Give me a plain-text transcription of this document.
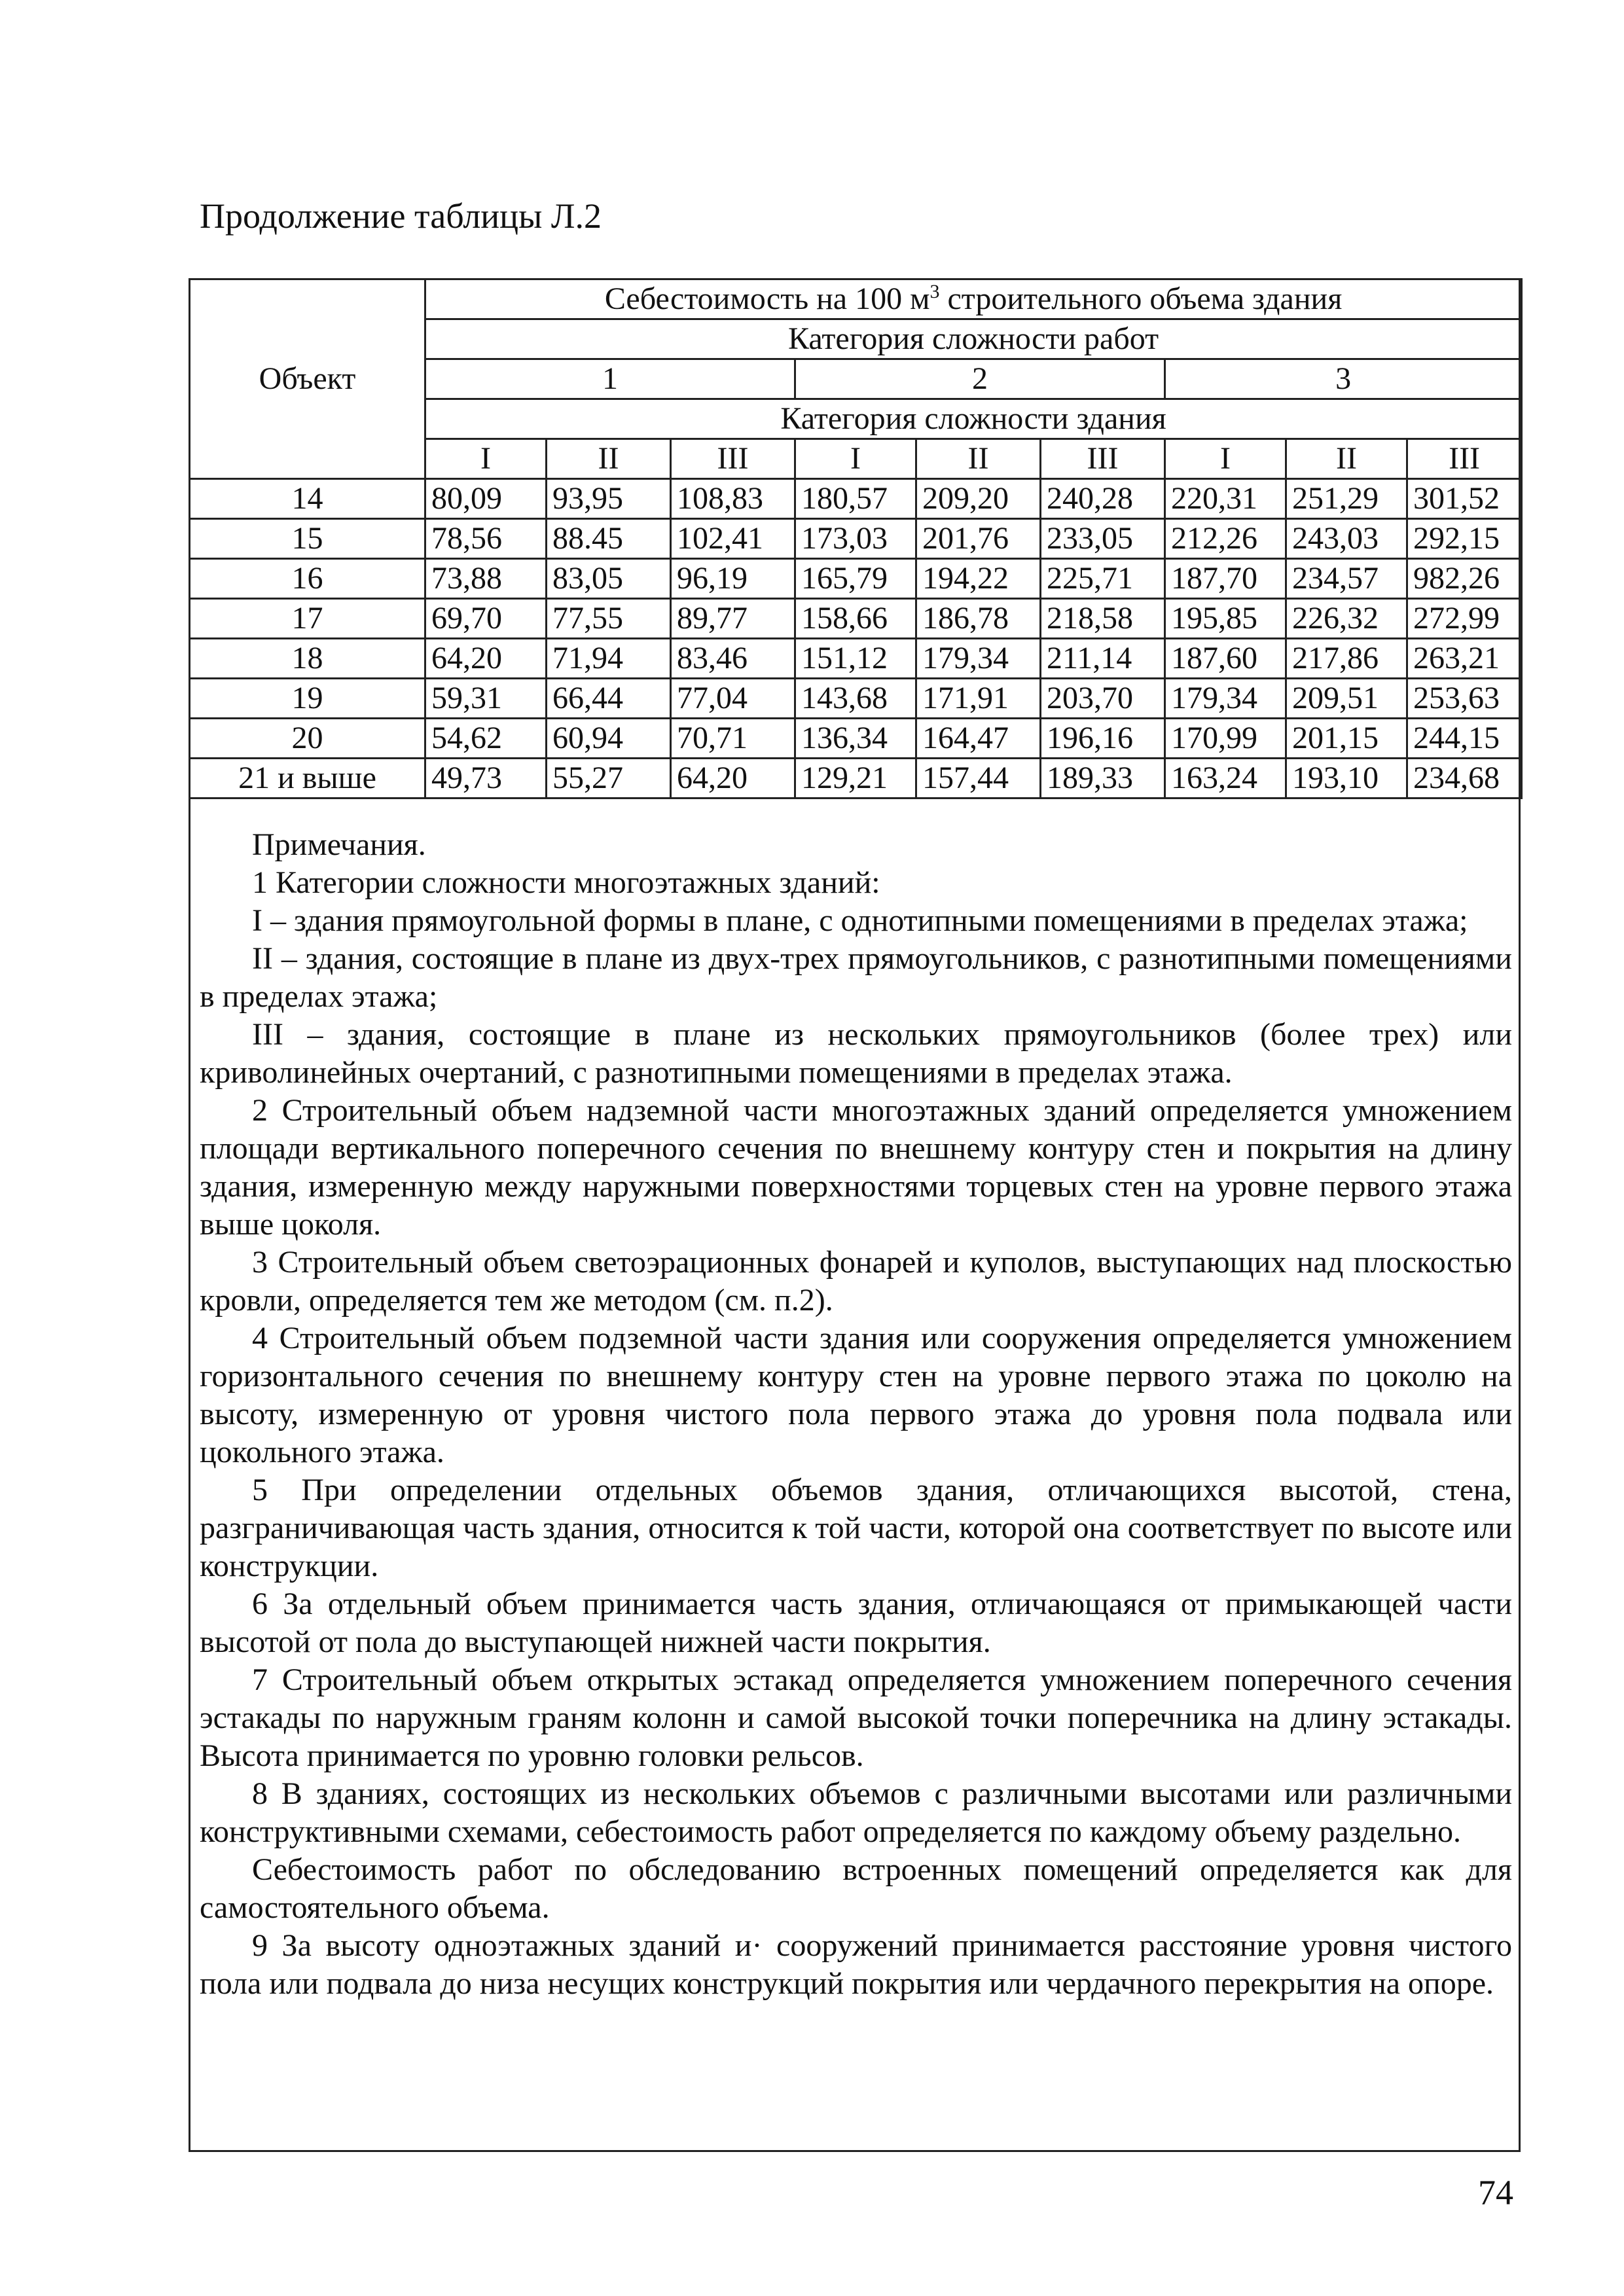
Продолжение таблицы Л.2
Объект	Себестоимость на 100 $м^3$ строительного объема здания								
	Категория сложности работ								
	1			2			3		
	Категория сложности здания								
	I	II	III	I	II	III	I	II	III
14	80,09	93,95	108,83	180,57	209,20	240,28	220,31	251,29	301,52
15	78,56	88.45	102,41	173,03	201,76	233,05	212,26	243,03	292,15
16	73,88	83,05	96,19	165,79	194,22	225,71	187,70	234,57	982,26
17	69,70	77,55	89,77	158,66	186,78	218,58	195,85	226,32	272,99
18	64,20	71,94	83,46	151,12	179,34	211,14	187,60	217,86	263,21
19	59,31	66,44	77,04	143,68	171,91	203,70	179,34	209,51	253,63
20	54,62	60,94	70,71	136,34	164,47	196,16	170,99	201,15	244,15
21 и выше	49,73	55,27	64,20	129,21	157,44	189,33	163,24	193,10	234,68

Примечания.

1 Категории сложности многоэтажных зданий:

I – здания прямоугольной формы в плане, с однотипными помещениями в пределах этажа;

II – здания, состоящие в плане из двух-трех прямоугольников, с разнотипными помещениями в пределах этажа;

III – здания, состоящие в плане из нескольких прямоугольников (более трех) или криволинейных очертаний, с разнотипными помещениями в пределах этажа.

2 Строительный объем надземной части многоэтажных зданий определяется умножением площади вертикального поперечного сечения по внешнему контуру стен и покрытия на длину здания, измеренную между наружными поверхностями торцевых стен на уровне первого этажа выше цоколя.

3 Строительный объем светоэрационных фонарей и куполов, выступающих над плоскостью кровли, определяется тем же методом (см. п.2).

4 Строительный объем подземной части здания или сооружения определяется умножением горизонтального сечения по внешнему контуру стен на уровне первого этажа по цоколю на высоту, измеренную от уровня чистого пола первого этажа до уровня пола подвала или цокольного этажа.

5 При определении отдельных объемов здания, отличающихся высотой, стена, разграничивающая часть здания, относится к той части, которой она соответствует по высоте или конструкции.

6 За отдельный объем принимается часть здания, отличающаяся от примыкающей части высотой от пола до выступающей нижней части покрытия.

7 Строительный объем открытых эстакад определяется умножением поперечного сечения эстакады по наружным граням колонн и самой высокой точки поперечника на длину эстакады. Высота принимается по уровню головки рельсов.

8 В зданиях, состоящих из нескольких объемов с различными высотами или различными конструктивными схемами, себестоимость работ определяется по каждому объему раздельно.

Себестоимость работ по обследованию встроенных помещений определяется как для самостоятельного объема.

9 За высоту одноэтажных зданий и· сооружений принимается расстояние уровня чистого пола или подвала до низа несущих конструкций покрытия или чердачного перекрытия на опоре.

74
